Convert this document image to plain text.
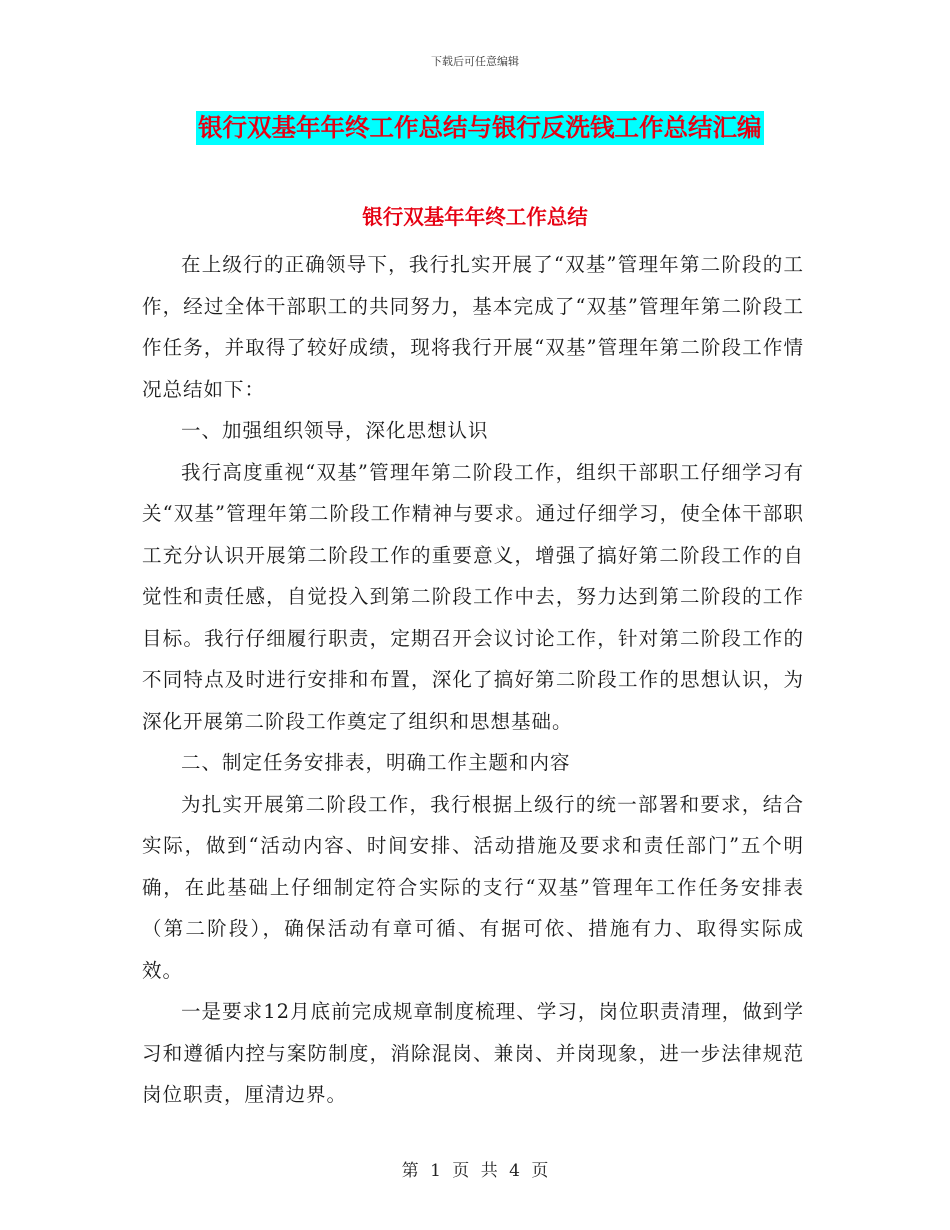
下载后可任意编辑
银行双基年年终工作总结与银行反洗钱工作总结汇编
银行双基年年终工作总结

在上级行的正确领导下，我行扎实开展了“双基”管理年第二阶段的工作，经过全体干部职工的共同努力，基本完成了“双基”管理年第二阶段工作任务，并取得了较好成绩，现将我行开展“双基”管理年第二阶段工作情况总结如下：

一、加强组织领导，深化思想认识

我行高度重视“双基”管理年第二阶段工作，组织干部职工仔细学习有关“双基”管理年第二阶段工作精神与要求。通过仔细学习，使全体干部职工充分认识开展第二阶段工作的重要意义，增强了搞好第二阶段工作的自觉性和责任感，自觉投入到第二阶段工作中去，努力达到第二阶段的工作目标。我行仔细履行职责，定期召开会议讨论工作，针对第二阶段工作的不同特点及时进行安排和布置，深化了搞好第二阶段工作的思想认识，为深化开展第二阶段工作奠定了组织和思想基础。

二、制定任务安排表，明确工作主题和内容

为扎实开展第二阶段工作，我行根据上级行的统一部署和要求，结合实际，做到“活动内容、时间安排、活动措施及要求和责任部门”五个明确，在此基础上仔细制定符合实际的支行“双基”管理年工作任务安排表（第二阶段），确保活动有章可循、有据可依、措施有力、取得实际成效。

一是要求12月底前完成规章制度梳理、学习，岗位职责清理，做到学习和遵循内控与案防制度，消除混岗、兼岗、并岗现象，进一步法律规范岗位职责，厘清边界。

第 1 页 共 4 页
